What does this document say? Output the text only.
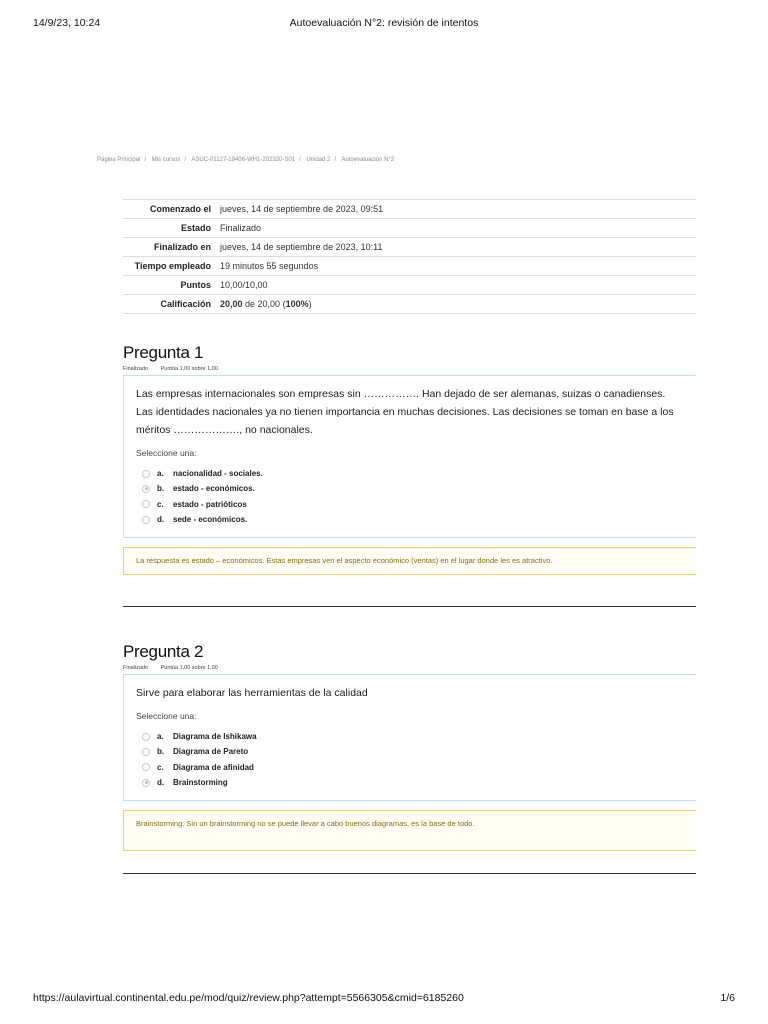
14/9/23, 10:24	Autoevaluación N°2: revisión de intentos
Página Principal / Mis cursos / ASUC-01127-19406-WH1-202320-S01 / Unidad 2 / Autoevaluación N°2
Comenzado el	jueves, 14 de septiembre de 2023, 09:51
Estado	Finalizado
Finalizado en	jueves, 14 de septiembre de 2023, 10:11
Tiempo empleado	19 minutos 55 segundos
Puntos	10,00/10,00
Calificación	20,00 de 20,00 (100%)
Pregunta 1
Finalizado Puntúa 1,00 sobre 1,00
Las empresas internacionales son empresas sin ……………. Han dejado de ser alemanas, suizas o canadienses. Las identidades nacionales ya no tienen importancia en muchas decisiones. Las decisiones se toman en base a los méritos ………………., no nacionales.
Seleccione una:
a.	nacionalidad - sociales.
b.	estado - económicos.
c.	estado - patrióticos
d.	sede - económicos.
La respuesta es estado – económicos. Estas empresas ven el aspecto económico (ventas) en el lugar donde les es atractivo.
Pregunta 2
Finalizado Puntúa 1,00 sobre 1,00
Sirve para elaborar las herramientas de la calidad
Seleccione una:
a.	Diagrama de Ishikawa
b.	Diagrama de Pareto
c.	Diagrama de afinidad
d.	Brainstorming
Brainstorming. Sin un brainstorming no se puede llevar a cabo buenos diagramas, es la base de todo.
https://aulavirtual.continental.edu.pe/mod/quiz/review.php?attempt=5566305&cmid=6185260	1/6
